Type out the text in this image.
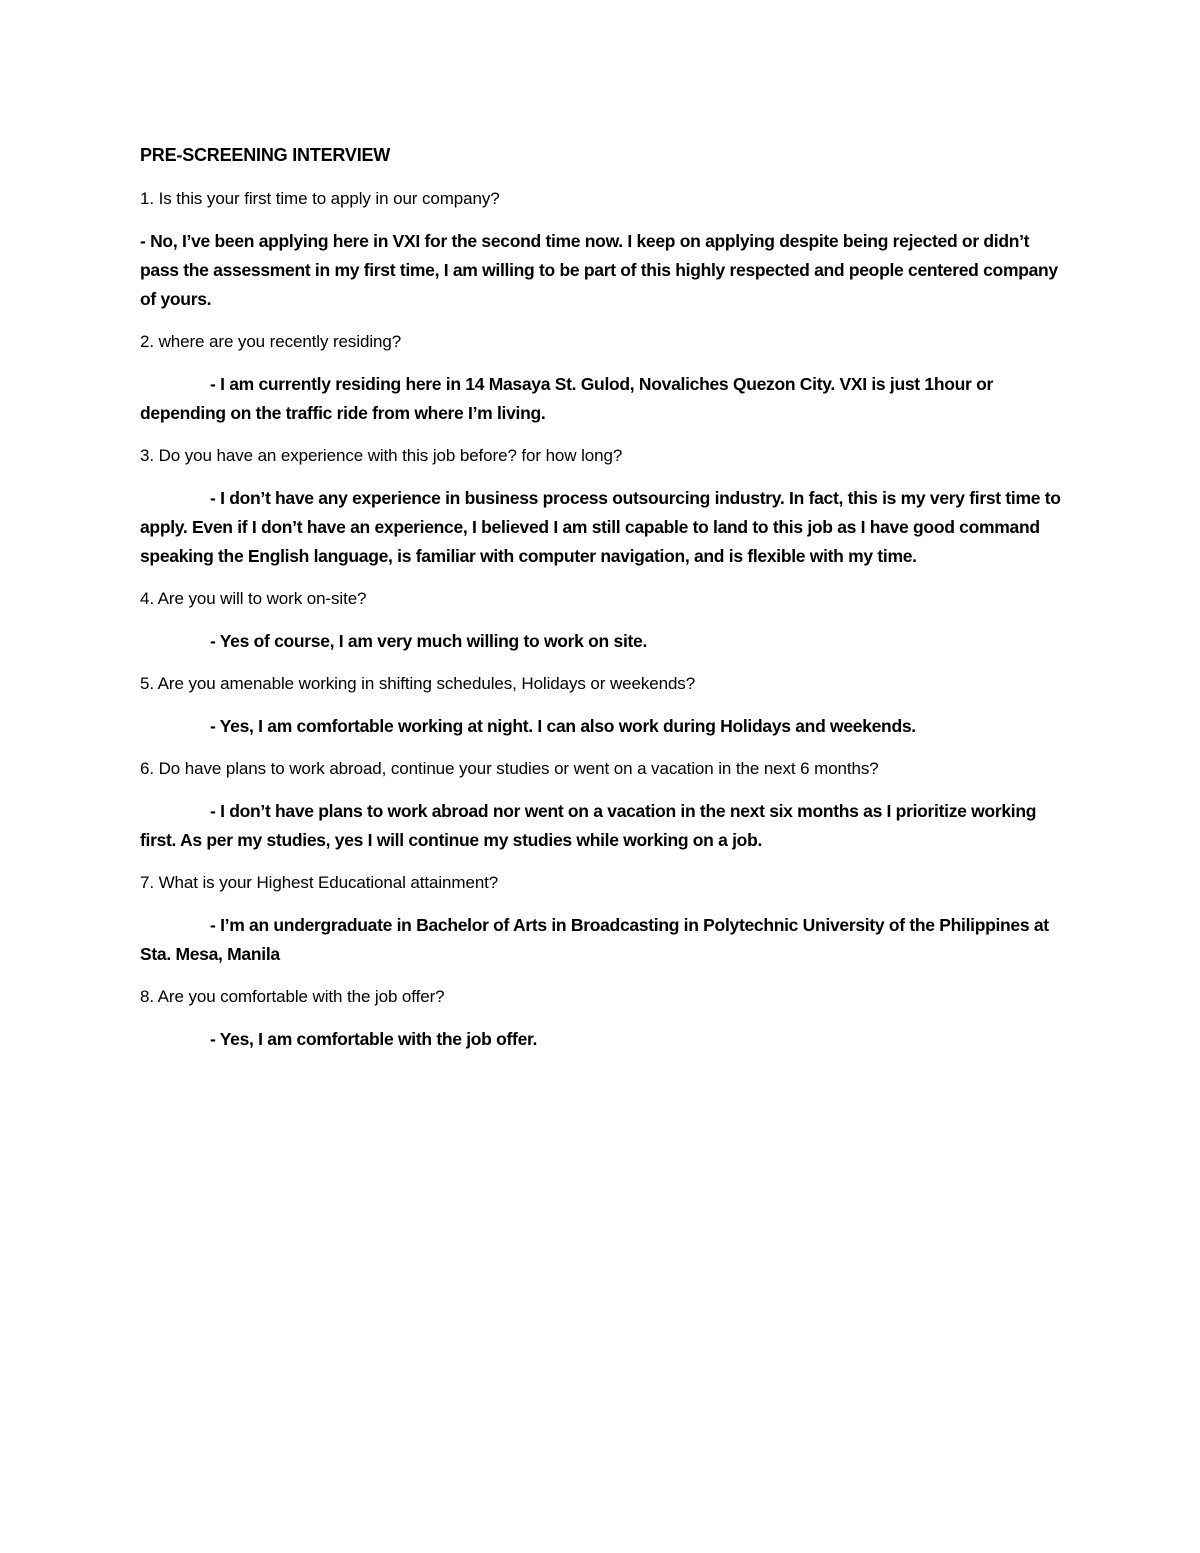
PRE-SCREENING INTERVIEW

1. Is this your first time to apply in our company?

- No, I’ve been applying here in VXI for the second time now. I keep on applying despite being rejected or didn’t pass the assessment in my first time, I am willing to be part of this highly respected and people centered company of yours.

2. where are you recently residing?

- I am currently residing here in 14 Masaya St. Gulod, Novaliches Quezon City. VXI is just 1hour or depending on the traffic ride from where I’m living.

3. Do you have an experience with this job before? for how long?

- I don’t have any experience in business process outsourcing industry. In fact, this is my very first time to apply. Even if I don’t have an experience, I believed I am still capable to land to this job as I have good command speaking the English language, is familiar with computer navigation, and is flexible with my time.

4. Are you will to work on-site?

- Yes of course, I am very much willing to work on site.

5. Are you amenable working in shifting schedules, Holidays or weekends?

- Yes, I am comfortable working at night. I can also work during Holidays and weekends.

6. Do have plans to work abroad, continue your studies or went on a vacation in the next 6 months?

- I don’t have plans to work abroad nor went on a vacation in the next six months as I prioritize working first. As per my studies, yes I will continue my studies while working on a job.

7. What is your Highest Educational attainment?

- I’m an undergraduate in Bachelor of Arts in Broadcasting in Polytechnic University of the Philippines at Sta. Mesa, Manila

8. Are you comfortable with the job offer?

- Yes, I am comfortable with the job offer.
